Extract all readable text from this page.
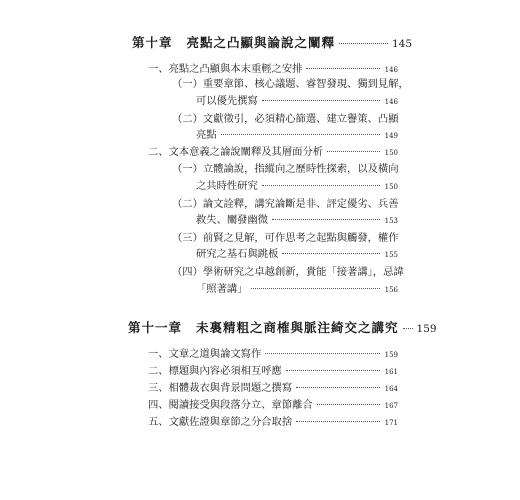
第十章 亮點之凸顯與論說之闡釋	145
一、亮點之凸顯與本末重輕之安排	146
（一）重要章節、核心議題、睿智發現、獨到見解，
可以優先撰寫	146
（二）文獻徵引，必須精心篩選、建立譽策、凸顯
亮點	149
二、文本意義之論說闡釋及其層面分析	150
（一）立體論說，指縱向之歷時性探索，以及橫向
之共時性研究	150
（二）論文詮釋，講究論斷是非、評定優劣、兵善
救失、闡發幽微	153
（三）前賢之見解，可作思考之起點與觸發，權作
研究之基石與跳板	155
（四）學術研究之卓越創新，貴能「接著講」，忌諱
「照著講」	156
第十一章 未裏精粗之商榷與脈注綺交之講究 159
一、文章之道與論文寫作	159
二、標題與內容必須相互呼應	161
三、相體裁衣與背景問題之撰寫	164
四、閱讀接受與段落分立、章節離合	167
五、文獻佐證與章節之分合取捨	171
